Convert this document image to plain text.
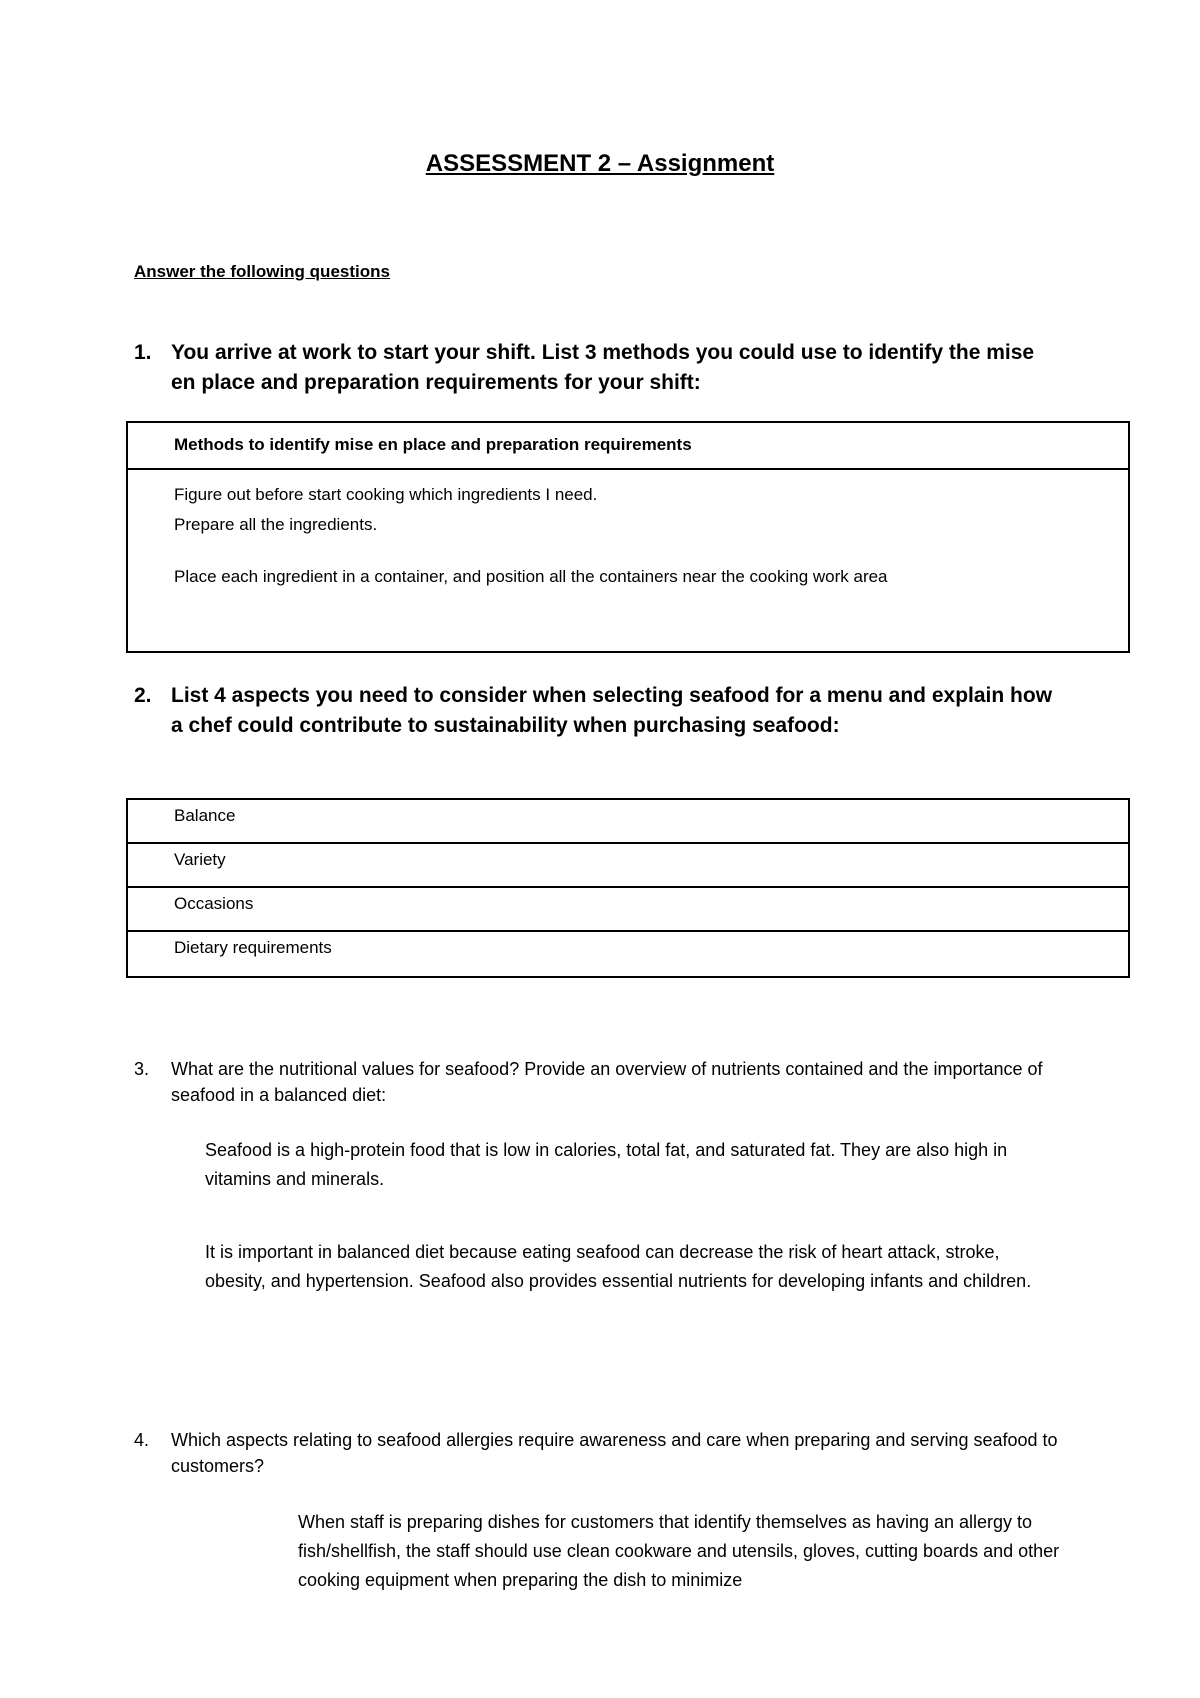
ASSESSMENT 2 – Assignment
Answer the following questions
1. You arrive at work to start your shift. List 3 methods you could use to identify the mise en place and preparation requirements for your shift:
Methods to identify mise en place and preparation requirements
Figure out before start cooking which ingredients I need.
Prepare all the ingredients.
Place each ingredient in a container, and position all the containers near the cooking work area
2. List 4 aspects you need to consider when selecting seafood for a menu and explain how a chef could contribute to sustainability when purchasing seafood:
Balance
Variety
Occasions
Dietary requirements
3. What are the nutritional values for seafood? Provide an overview of nutrients contained and the importance of seafood in a balanced diet:
Seafood is a high-protein food that is low in calories, total fat, and saturated fat. They are also high in vitamins and minerals.
It is important in balanced diet because eating seafood can decrease the risk of heart attack, stroke, obesity, and hypertension. Seafood also provides essential nutrients for developing infants and children.
4. Which aspects relating to seafood allergies require awareness and care when preparing and serving seafood to customers?
When staff is preparing dishes for customers that identify themselves as having an allergy to fish/shellfish, the staff should use clean cookware and utensils, gloves, cutting boards and other cooking equipment when preparing the dish to minimize
